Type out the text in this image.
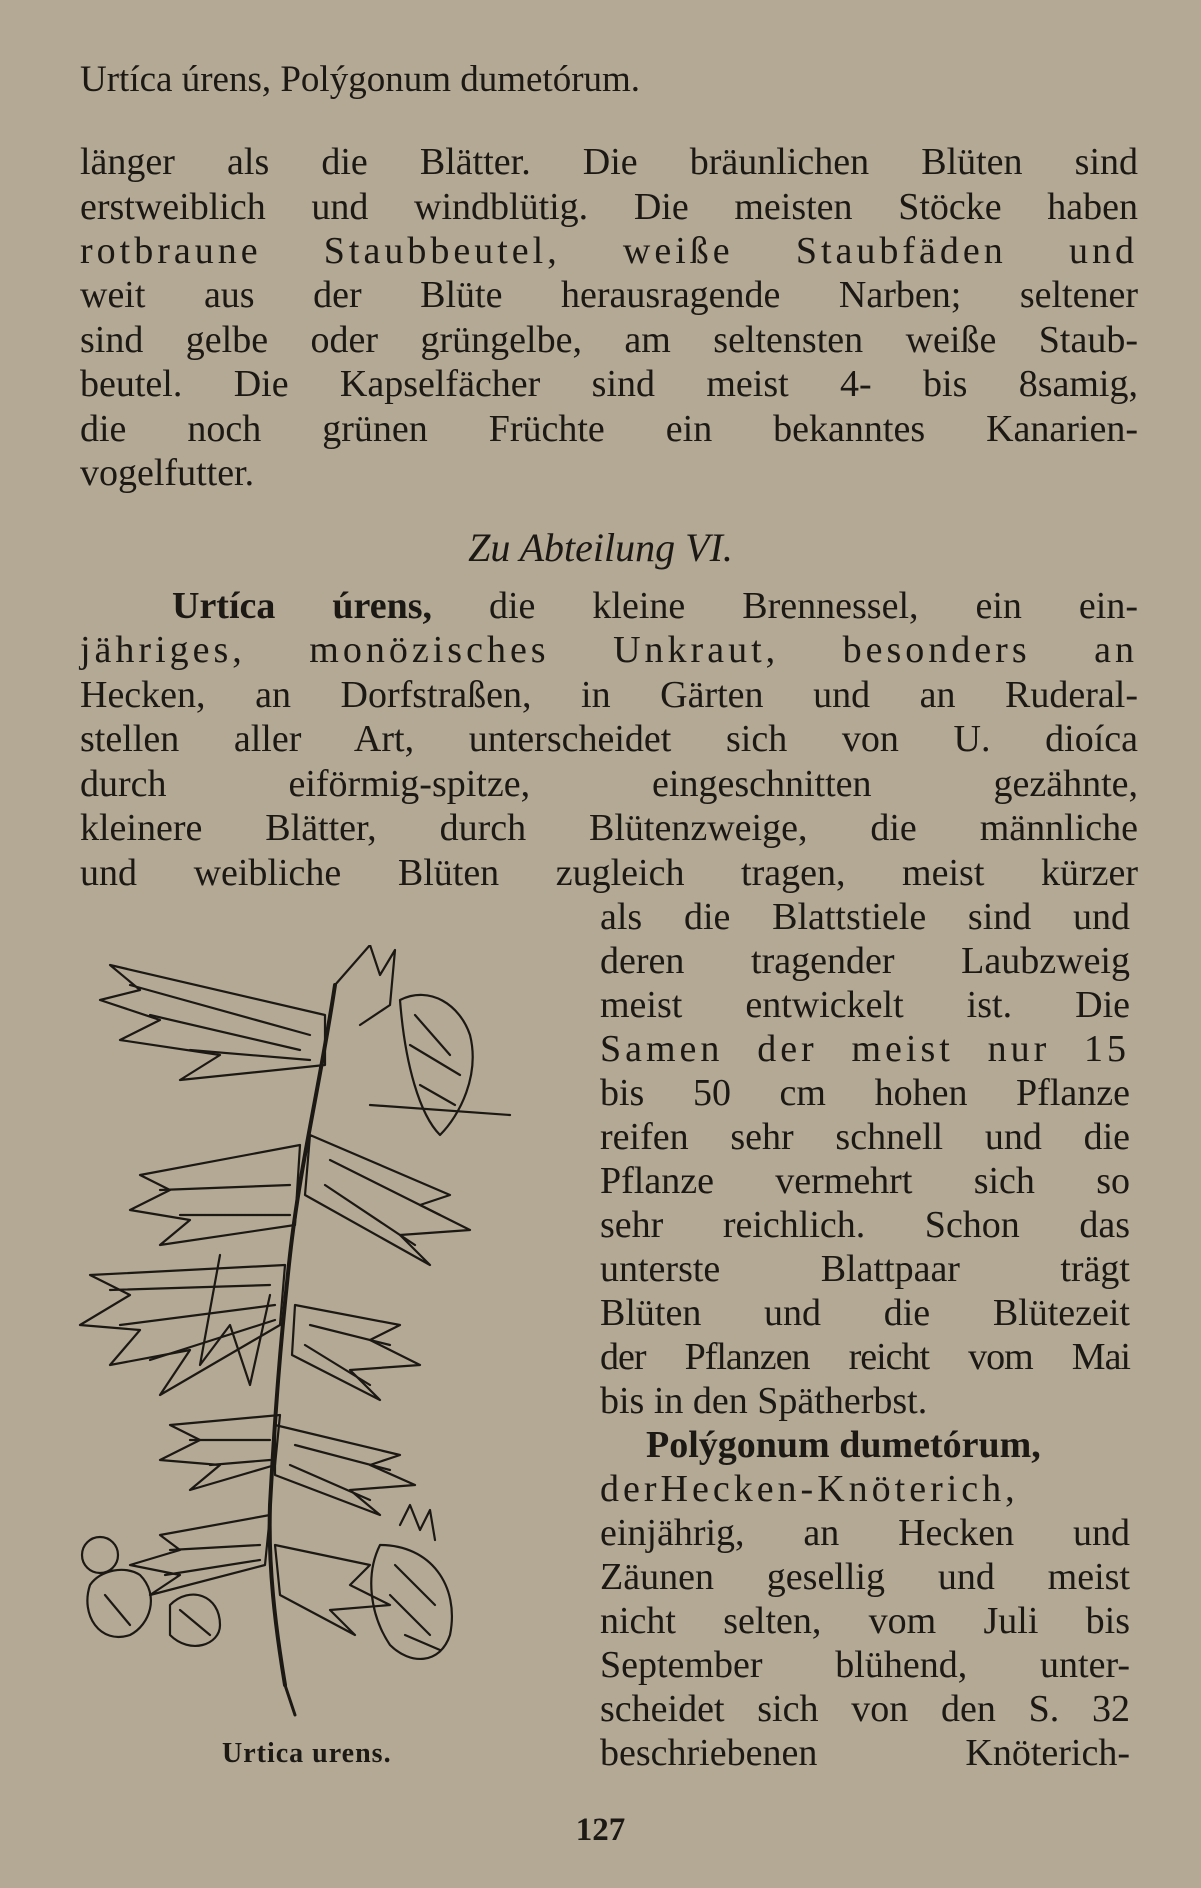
Urtíca úrens, Polýgonum dumetórum.
länger als die Blätter. Die bräunlichen Blüten sind
erstweiblich und windblütig. Die meisten Stöcke haben
rotbraune Staubbeutel, weiße Staubfäden und
weit aus der Blüte herausragende Narben; seltener
sind gelbe oder grüngelbe, am seltensten weiße Staub-
beutel. Die Kapselfächer sind meist 4- bis 8samig,
die noch grünen Früchte ein bekanntes Kanarien-
vogelfutter.
Zu Abteilung VI.
Urtíca úrens, die kleine Brennessel, ein ein-
jähriges, monözisches Unkraut, besonders an
Hecken, an Dorfstraßen, in Gärten und an Ruderal-
stellen aller Art, unterscheidet sich von U. dioíca
durch eiförmig-spitze, eingeschnitten gezähnte,
kleinere Blätter, durch Blütenzweige, die männliche
und weibliche Blüten zugleich tragen, meist kürzer
als die Blattstiele sind und
deren tragender Laubzweig
meist entwickelt ist. Die
Samen der meist nur 15
bis 50 cm hohen Pflanze
reifen sehr schnell und die
Pflanze vermehrt sich so
sehr reichlich. Schon das
unterste Blattpaar trägt
Blüten und die Blütezeit
der Pflanzen reicht vom Mai
bis in den Spätherbst.
Polýgonum dumetórum,
derHecken-Knöterich,
einjährig, an Hecken und
Zäunen gesellig und meist
nicht selten, vom Juli bis
September blühend, unter-
scheidet sich von den S. 32
beschriebenen Knöterich-
Urtica urens.
127
